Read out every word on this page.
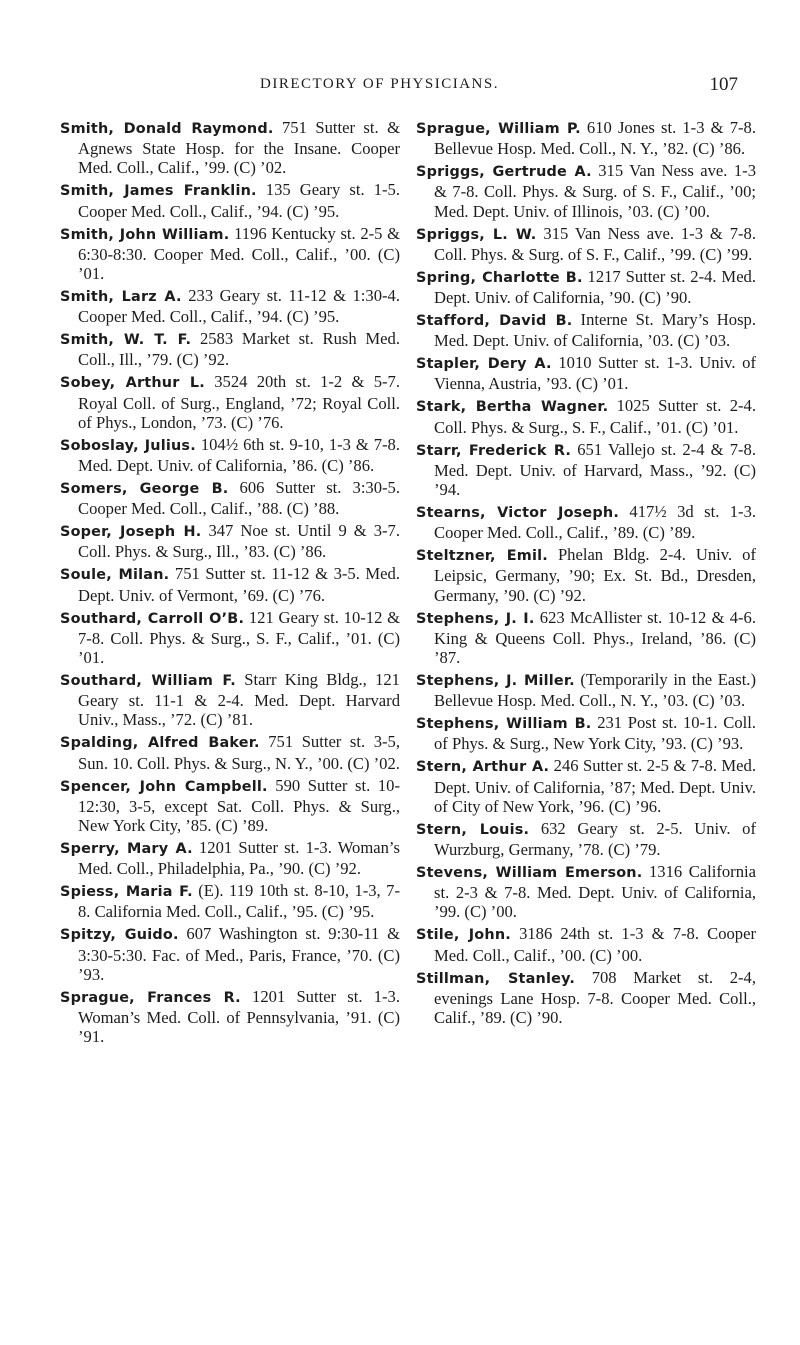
DIRECTORY OF PHYSICIANS.	107

Smith, Donald Raymond. 751 Sutter st. & Agnews State Hosp. for the Insane. Cooper Med. Coll., Calif., ’99. (C) ’02.

Smith, James Franklin. 135 Geary st. 1-5. Cooper Med. Coll., Calif., ’94. (C) ’95.

Smith, John William. 1196 Kentucky st. 2-5 & 6:30-8:30. Cooper Med. Coll., Calif., ’00. (C) ’01.

Smith, Larz A. 233 Geary st. 11-12 & 1:30-4. Cooper Med. Coll., Calif., ’94. (C) ’95.

Smith, W. T. F. 2583 Market st. Rush Med. Coll., Ill., ’79. (C) ’92.

Sobey, Arthur L. 3524 20th st. 1-2 & 5-7. Royal Coll. of Surg., England, ’72; Royal Coll. of Phys., London, ’73. (C) ’76.

Soboslay, Julius. 104½ 6th st. 9-10, 1-3 & 7-8. Med. Dept. Univ. of California, ’86. (C) ’86.

Somers, George B. 606 Sutter st. 3:30-5. Cooper Med. Coll., Calif., ’88. (C) ’88.

Soper, Joseph H. 347 Noe st. Until 9 & 3-7. Coll. Phys. & Surg., Ill., ’83. (C) ’86.

Soule, Milan. 751 Sutter st. 11-12 & 3-5. Med. Dept. Univ. of Vermont, ’69. (C) ’76.

Southard, Carroll O’B. 121 Geary st. 10-12 & 7-8. Coll. Phys. & Surg., S. F., Calif., ’01. (C) ’01.

Southard, William F. Starr King Bldg., 121 Geary st. 11-1 & 2-4. Med. Dept. Harvard Univ., Mass., ’72. (C) ’81.

Spalding, Alfred Baker. 751 Sutter st. 3-5, Sun. 10. Coll. Phys. & Surg., N. Y., ’00. (C) ’02.

Spencer, John Campbell. 590 Sutter st. 10-12:30, 3-5, except Sat. Coll. Phys. & Surg., New York City, ’85. (C) ’89.

Sperry, Mary A. 1201 Sutter st. 1-3. Woman’s Med. Coll., Philadelphia, Pa., ’90. (C) ’92.

Spiess, Maria F. (E). 119 10th st. 8-10, 1-3, 7-8. California Med. Coll., Calif., ’95. (C) ’95.

Spitzy, Guido. 607 Washington st. 9:30-11 & 3:30-5:30. Fac. of Med., Paris, France, ’70. (C) ’93.

Sprague, Frances R. 1201 Sutter st. 1-3. Woman’s Med. Coll. of Pennsylvania, ’91. (C) ’91.

Sprague, William P. 610 Jones st. 1-3 & 7-8. Bellevue Hosp. Med. Coll., N. Y., ’82. (C) ’86.

Spriggs, Gertrude A. 315 Van Ness ave. 1-3 & 7-8. Coll. Phys. & Surg. of S. F., Calif., ’00; Med. Dept. Univ. of Illinois, ’03. (C) ’00.

Spriggs, L. W. 315 Van Ness ave. 1-3 & 7-8. Coll. Phys. & Surg. of S. F., Calif., ’99. (C) ’99.

Spring, Charlotte B. 1217 Sutter st. 2-4. Med. Dept. Univ. of California, ’90. (C) ’90.

Stafford, David B. Interne St. Mary’s Hosp. Med. Dept. Univ. of California, ’03. (C) ’03.

Stapler, Dery A. 1010 Sutter st. 1-3. Univ. of Vienna, Austria, ’93. (C) ’01.

Stark, Bertha Wagner. 1025 Sutter st. 2-4. Coll. Phys. & Surg., S. F., Calif., ’01. (C) ’01.

Starr, Frederick R. 651 Vallejo st. 2-4 & 7-8. Med. Dept. Univ. of Harvard, Mass., ’92. (C) ’94.

Stearns, Victor Joseph. 417½ 3d st. 1-3. Cooper Med. Coll., Calif., ’89. (C) ’89.

Steltzner, Emil. Phelan Bldg. 2-4. Univ. of Leipsic, Germany, ’90; Ex. St. Bd., Dresden, Germany, ’90. (C) ’92.

Stephens, J. I. 623 McAllister st. 10-12 & 4-6. King & Queens Coll. Phys., Ireland, ’86. (C) ’87.

Stephens, J. Miller. (Temporarily in the East.) Bellevue Hosp. Med. Coll., N. Y., ’03. (C) ’03.

Stephens, William B. 231 Post st. 10-1. Coll. of Phys. & Surg., New York City, ’93. (C) ’93.

Stern, Arthur A. 246 Sutter st. 2-5 & 7-8. Med. Dept. Univ. of California, ’87; Med. Dept. Univ. of City of New York, ’96. (C) ’96.

Stern, Louis. 632 Geary st. 2-5. Univ. of Wurzburg, Germany, ’78. (C) ’79.

Stevens, William Emerson. 1316 California st. 2-3 & 7-8. Med. Dept. Univ. of California, ’99. (C) ’00.

Stile, John. 3186 24th st. 1-3 & 7-8. Cooper Med. Coll., Calif., ’00. (C) ’00.

Stillman, Stanley. 708 Market st. 2-4, evenings Lane Hosp. 7-8. Cooper Med. Coll., Calif., ’89. (C) ’90.
